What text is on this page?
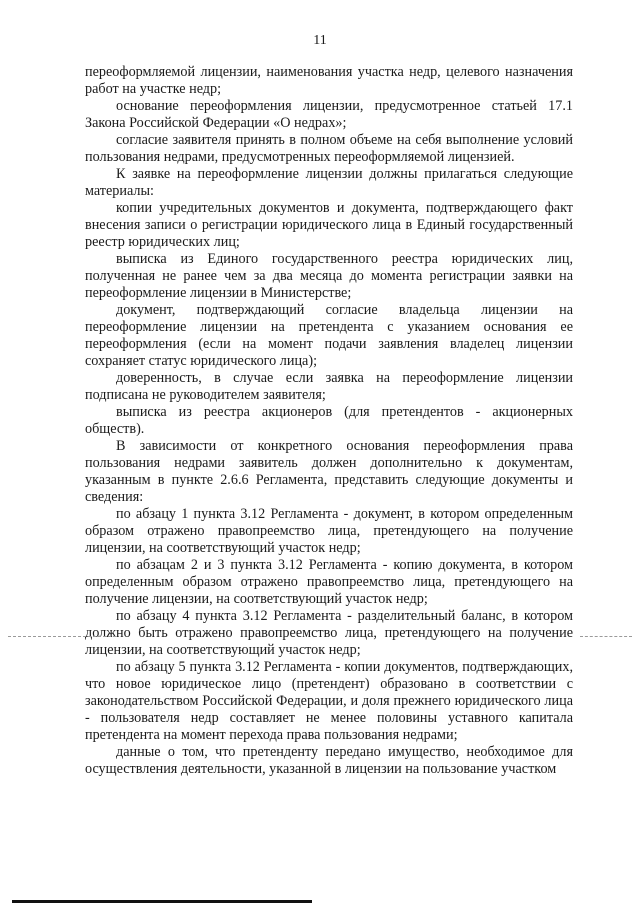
11

переоформляемой лицензии, наименования участка недр, целевого назначения работ на участке недр;

основание переоформления лицензии, предусмотренное статьей 17.1 Закона Российской Федерации «О недрах»;

согласие заявителя принять в полном объеме на себя выполнение условий пользования недрами, предусмотренных переоформляемой лицензией.

К заявке на переоформление лицензии должны прилагаться следующие материалы:

копии учредительных документов и документа, подтверждающего факт внесения записи о регистрации юридического лица в Единый государственный реестр юридических лиц;

выписка из Единого государственного реестра юридических лиц, полученная не ранее чем за два месяца до момента регистрации заявки на переоформление лицензии в Министерстве;

документ, подтверждающий согласие владельца лицензии на переоформление лицензии на претендента с указанием основания ее переоформления (если на момент подачи заявления владелец лицензии сохраняет статус юридического лица);

доверенность, в случае если заявка на переоформление лицензии подписана не руководителем заявителя;

выписка из реестра акционеров (для претендентов - акционерных обществ).

В зависимости от конкретного основания переоформления права пользования недрами заявитель должен дополнительно к документам, указанным в пункте 2.6.6 Регламента, представить следующие документы и сведения:

по абзацу 1 пункта 3.12 Регламента - документ, в котором определенным образом отражено правопреемство лица, претендующего на получение лицензии, на соответствующий участок недр;

по абзацам 2 и 3 пункта 3.12 Регламента - копию документа, в котором определенным образом отражено правопреемство лица, претендующего на получение лицензии, на соответствующий участок недр;

по абзацу 4 пункта 3.12 Регламента - разделительный баланс, в котором должно быть отражено правопреемство лица, претендующего на получение лицензии, на соответствующий участок недр;

по абзацу 5 пункта 3.12 Регламента - копии документов, подтверждающих, что новое юридическое лицо (претендент) образовано в соответствии с законодательством Российской Федерации, и доля прежнего юридического лица - пользователя недр составляет не менее половины уставного капитала претендента на момент перехода права пользования недрами;

данные о том, что претенденту передано имущество, необходимое для осуществления деятельности, указанной в лицензии на пользование участком
